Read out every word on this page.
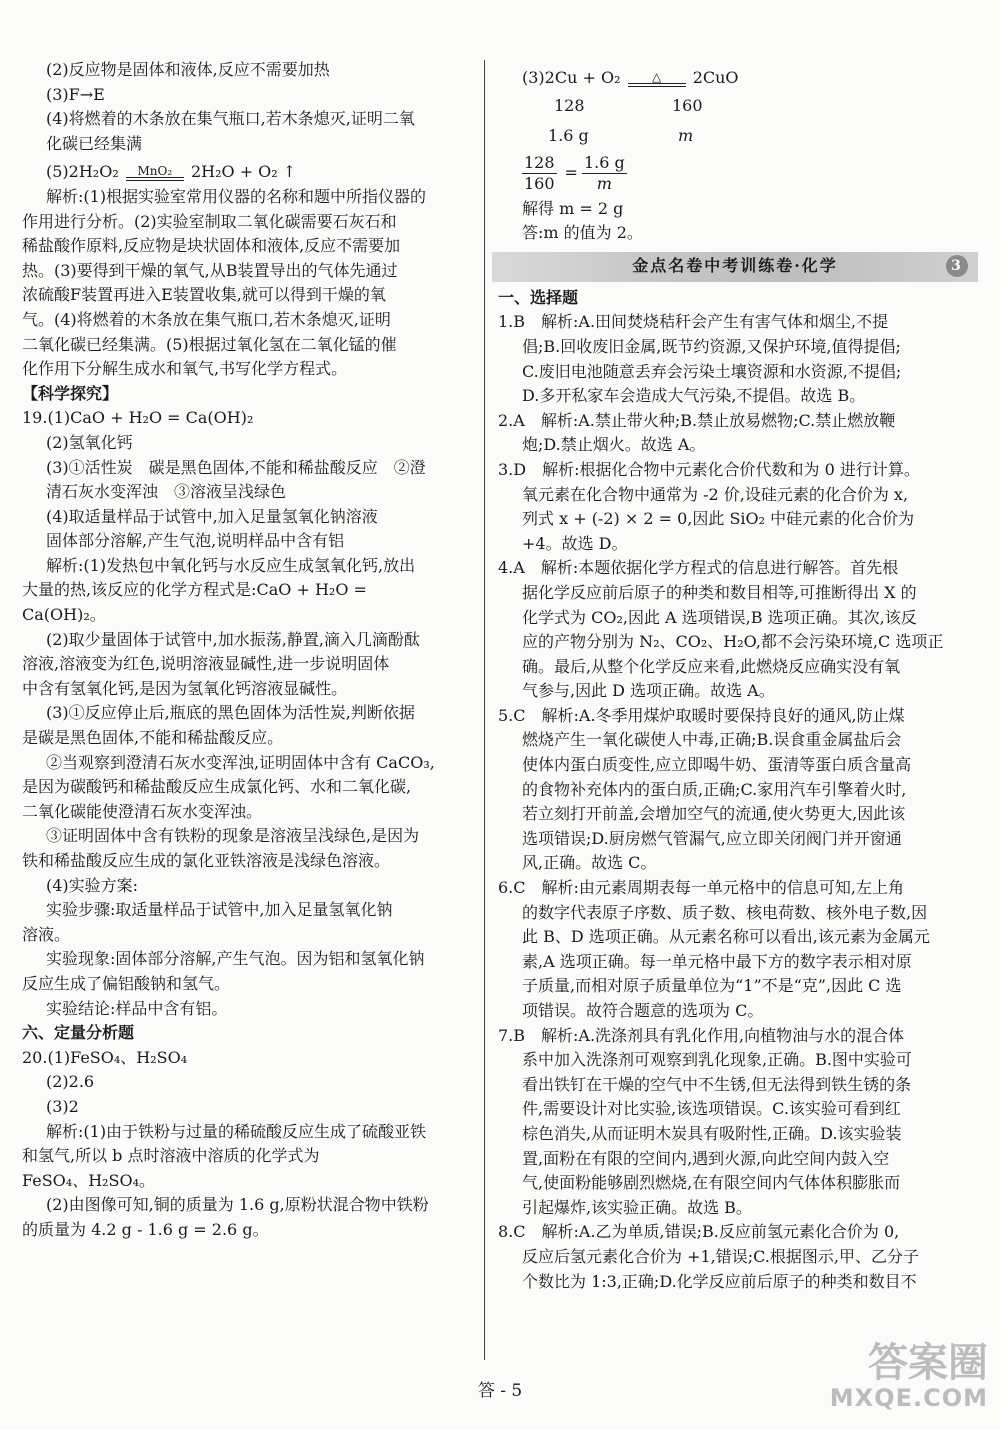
(2)反应物是固体和液体,反应不需要加热
(3)F→E
(4)将燃着的木条放在集气瓶口,若木条熄灭,证明二氧
化碳已经集满
(5)2H₂O₂ MnO₂ 2H₂O + O₂ ↑
解析:(1)根据实验室常用仪器的名称和题中所指仪器的
作用进行分析。(2)实验室制取二氧化碳需要石灰石和
稀盐酸作原料,反应物是块状固体和液体,反应不需要加
热。(3)要得到干燥的氧气,从B装置导出的气体先通过
浓硫酸F装置再进入E装置收集,就可以得到干燥的氧
气。(4)将燃着的木条放在集气瓶口,若木条熄灭,证明
二氧化碳已经集满。(5)根据过氧化氢在二氧化锰的催
化作用下分解生成水和氧气,书写化学方程式。
【科学探究】
19.(1)CaO + H₂O = Ca(OH)₂
(2)氢氧化钙
(3)①活性炭　碳是黑色固体,不能和稀盐酸反应　②澄
清石灰水变浑浊　③溶液呈浅绿色
(4)取适量样品于试管中,加入足量氢氧化钠溶液
固体部分溶解,产生气泡,说明样品中含有铝
解析:(1)发热包中氧化钙与水反应生成氢氧化钙,放出
大量的热,该反应的化学方程式是:CaO + H₂O =
Ca(OH)₂。
(2)取少量固体于试管中,加水振荡,静置,滴入几滴酚酞
溶液,溶液变为红色,说明溶液显碱性,进一步说明固体
中含有氢氧化钙,是因为氢氧化钙溶液显碱性。
(3)①反应停止后,瓶底的黑色固体为活性炭,判断依据
是碳是黑色固体,不能和稀盐酸反应。
②当观察到澄清石灰水变浑浊,证明固体中含有 CaCO₃,
是因为碳酸钙和稀盐酸反应生成氯化钙、水和二氧化碳,
二氧化碳能使澄清石灰水变浑浊。
③证明固体中含有铁粉的现象是溶液呈浅绿色,是因为
铁和稀盐酸反应生成的氯化亚铁溶液是浅绿色溶液。
(4)实验方案:
实验步骤:取适量样品于试管中,加入足量氢氧化钠
溶液。
实验现象:固体部分溶解,产生气泡。因为铝和氢氧化钠
反应生成了偏铝酸钠和氢气。
实验结论:样品中含有铝。
六、定量分析题
20.(1)FeSO₄、H₂SO₄
(2)2.6
(3)2
解析:(1)由于铁粉与过量的稀硫酸反应生成了硫酸亚铁
和氢气,所以 b 点时溶液中溶质的化学式为
FeSO₄、H₂SO₄。
(2)由图像可知,铜的质量为 1.6 g,原粉状混合物中铁粉
的质量为 4.2 g - 1.6 g = 2.6 g。
(3)2Cu + O₂	△ 2CuO
128	160
1.6 g	m
$\frac{128}{160} = \frac{1.6 g}{m}$
解得 m = 2 g
答:m 的值为 2。
金点名卷中考训练卷·化学	3
一、选择题
1.B　解析:A.田间焚烧秸秆会产生有害气体和烟尘,不提
倡;B.回收废旧金属,既节约资源,又保护环境,值得提倡;
C.废旧电池随意丢弃会污染土壤资源和水资源,不提倡;
D.多开私家车会造成大气污染,不提倡。故选 B。
2.A　解析:A.禁止带火种;B.禁止放易燃物;C.禁止燃放鞭
炮;D.禁止烟火。故选 A。
3.D　解析:根据化合物中元素化合价代数和为 0 进行计算。
氧元素在化合物中通常为 -2 价,设硅元素的化合价为 x,
列式 x + (-2) × 2 = 0,因此 SiO₂ 中硅元素的化合价为
+4。故选 D。
4.A　解析:本题依据化学方程式的信息进行解答。首先根
据化学反应前后原子的种类和数目相等,可推断得出 X 的
化学式为 CO₂,因此 A 选项错误,B 选项正确。其次,该反
应的产物分别为 N₂、CO₂、H₂O,都不会污染环境,C 选项正
确。最后,从整个化学反应来看,此燃烧反应确实没有氧
气参与,因此 D 选项正确。故选 A。
5.C　解析:A.冬季用煤炉取暖时要保持良好的通风,防止煤
燃烧产生一氧化碳使人中毒,正确;B.误食重金属盐后会
使体内蛋白质变性,应立即喝牛奶、蛋清等蛋白质含量高
的食物补充体内的蛋白质,正确;C.家用汽车引擎着火时,
若立刻打开前盖,会增加空气的流通,使火势更大,因此该
选项错误;D.厨房燃气管漏气,应立即关闭阀门并开窗通
风,正确。故选 C。
6.C　解析:由元素周期表每一单元格中的信息可知,左上角
的数字代表原子序数、质子数、核电荷数、核外电子数,因
此 B、D 选项正确。从元素名称可以看出,该元素为金属元
素,A 选项正确。每一单元格中最下方的数字表示相对原
子质量,而相对原子质量单位为“1”不是“克”,因此 C 选
项错误。故符合题意的选项为 C。
7.B　解析:A.洗涤剂具有乳化作用,向植物油与水的混合体
系中加入洗涤剂可观察到乳化现象,正确。B.图中实验可
看出铁钉在干燥的空气中不生锈,但无法得到铁生锈的条
件,需要设计对比实验,该选项错误。C.该实验可看到红
棕色消失,从而证明木炭具有吸附性,正确。D.该实验装
置,面粉在有限的空间内,遇到火源,向此空间内鼓入空
气,使面粉能够剧烈燃烧,在有限空间内气体体积膨胀而
引起爆炸,该实验正确。故选 B。
8.C　解析:A.乙为单质,错误;B.反应前氢元素化合价为 0,
反应后氢元素化合价为 +1,错误;C.根据图示,甲、乙分子
个数比为 1:3,正确;D.化学反应前后原子的种类和数目不
答 - 5
答案圈
MXQE.COM
